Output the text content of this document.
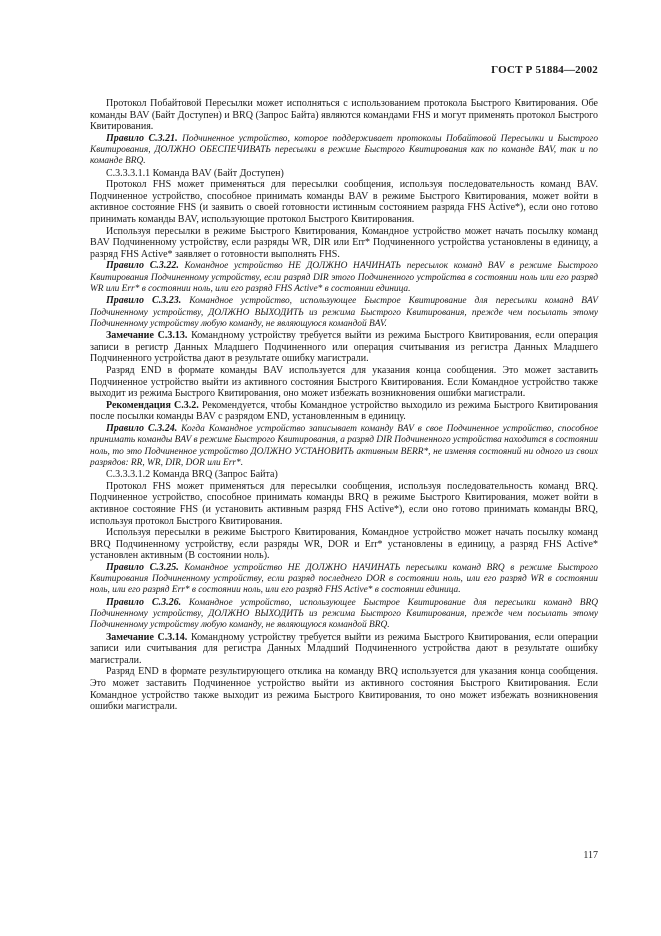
ГОСТ Р 51884—2002

Протокол Побайтовой Пересылки может исполняться с использованием протокола Быстрого Квитирования. Обе команды BAV (Байт Доступен) и BRQ (Запрос Байта) являются командами FHS и могут применять протокол Быстрого Квитирования.

Правило С.3.21. Подчиненное устройство, которое поддерживает протоколы Побайтовой Пересылки и Быстрого Квитирования, ДОЛЖНО ОБЕСПЕЧИВАТЬ пересылки в режиме Быстрого Квитирования как по команде BAV, так и по команде BRQ.

С.3.3.3.1.1 Команда BAV (Байт Доступен)

Протокол FHS может применяться для пересылки сообщения, используя последовательность команд BAV. Подчиненное устройство, способное принимать команды BAV в режиме Быстрого Квитирования, может войти в активное состояние FHS (и заявить о своей готовности истинным состоянием разряда FHS Active*), если оно готово принимать команды BAV, использующие протокол Быстрого Квитирования.

Используя пересылки в режиме Быстрого Квитирования, Командное устройство может начать посылку команд BAV Подчиненному устройству, если разряды WR, DIR или Err* Подчиненного устройства установлены в единицу, а разряд FHS Active* заявляет о готовности выполнять FHS.

Правило С.3.22. Командное устройство НЕ ДОЛЖНО НАЧИНАТЬ пересылок команд BAV в режиме Быстрого Квитирования Подчиненному устройству, если разряд DIR этого Подчиненного устройства в состоянии ноль или его разряд WR или Err* в состоянии ноль, или его разряд FHS Active* в состоянии единица.

Правило С.3.23. Командное устройство, использующее Быстрое Квитирование для пересылки команд BAV Подчиненному устройству, ДОЛЖНО ВЫХОДИТЬ из режима Быстрого Квитирования, прежде чем посылать этому Подчиненному устройству любую команду, не являющуюся командой BAV.

Замечание С.3.13. Командному устройству требуется выйти из режима Быстрого Квитирования, если операция записи в регистр Данных Младшего Подчиненного или операция считывания из регистра Данных Младшего Подчиненного устройства дают в результате ошибку магистрали.

Разряд END в формате команды BAV используется для указания конца сообщения. Это может заставить Подчиненное устройство выйти из активного состояния Быстрого Квитирования. Если Командное устройство также выходит из режима Быстрого Квитирования, оно может избежать возникновения ошибки магистрали.

Рекомендация С.3.2. Рекомендуется, чтобы Командное устройство выходило из режима Быстрого Квитирования после посылки команды BAV с разрядом END, установленным в единицу.

Правило С.3.24. Когда Командное устройство записывает команду BAV в свое Подчиненное устройство, способное принимать команды BAV в режиме Быстрого Квитирования, а разряд DIR Подчиненного устройства находится в состоянии ноль, то это Подчиненное устройство ДОЛЖНО УСТАНОВИТЬ активным BERR*, не изменяя состояний ни одного из своих разрядов: RR, WR, DIR, DOR или Err*.

С.3.3.3.1.2 Команда BRQ (Запрос Байта)

Протокол FHS может применяться для пересылки сообщения, используя последовательность команд BRQ. Подчиненное устройство, способное принимать команды BRQ в режиме Быстрого Квитирования, может войти в активное состояние FHS (и установить активным разряд FHS Active*), если оно готово принимать команды BRQ, используя протокол Быстрого Квитирования.

Используя пересылки в режиме Быстрого Квитирования, Командное устройство может начать посылку команд BRQ Подчиненному устройству, если разряды WR, DOR и Err* установлены в единицу, а разряд FHS Active* установлен активным (В состоянии ноль).

Правило С.3.25. Командное устройство НЕ ДОЛЖНО НАЧИНАТЬ пересылки команд BRQ в режиме Быстрого Квитирования Подчиненному устройству, если разряд последнего DOR в состоянии ноль, или его разряд WR в состоянии ноль, или его разряд Err* в состоянии ноль, или его разряд FHS Active* в состоянии единица.

Правило С.3.26. Командное устройство, использующее Быстрое Квитирование для пересылки команд BRQ Подчиненному устройству, ДОЛЖНО ВЫХОДИТЬ из режима Быстрого Квитирования, прежде чем посылать этому Подчиненному устройству любую команду, не являющуюся командой BRQ.

Замечание С.3.14. Командному устройству требуется выйти из режима Быстрого Квитирования, если операции записи или считывания для регистра Данных Младший Подчиненного устройства дают в результате ошибку магистрали.

Разряд END в формате результирующего отклика на команду BRQ используется для указания конца сообщения. Это может заставить Подчиненное устройство выйти из активного состояния Быстрого Квитирования. Если Командное устройство также выходит из режима Быстрого Квитирования, то оно может избежать возникновения ошибки магистрали.

117
